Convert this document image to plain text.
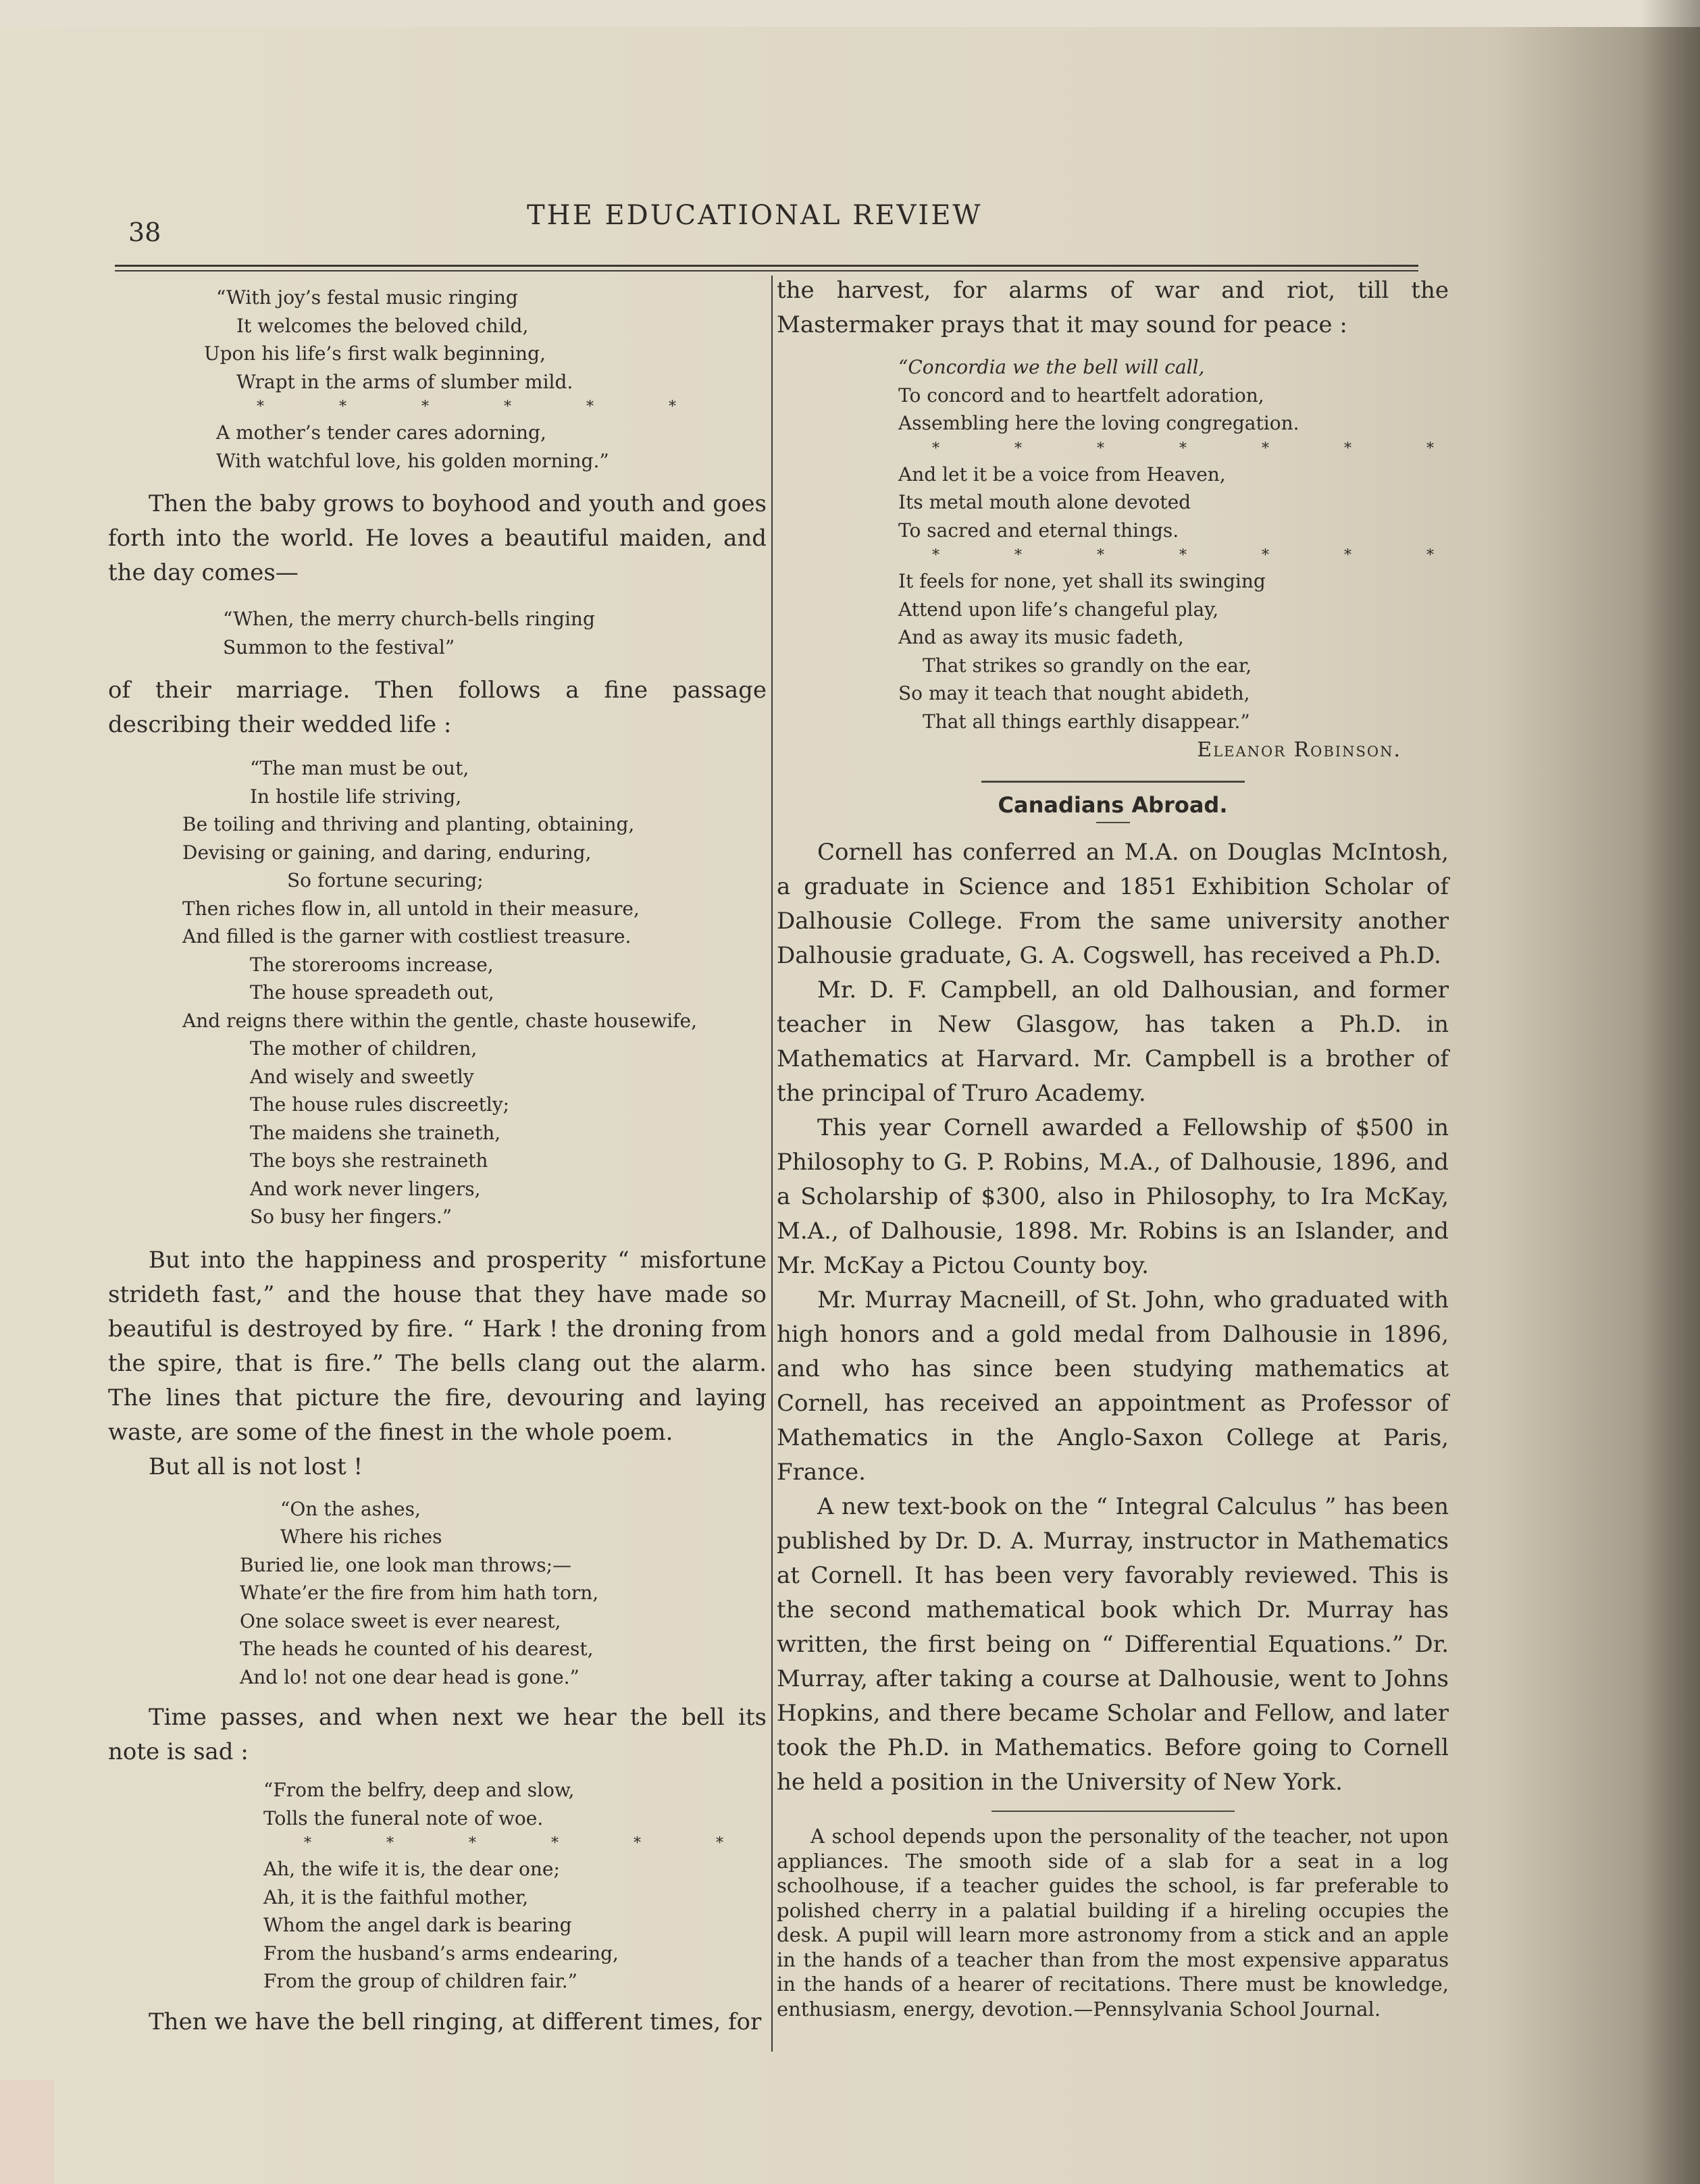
38
THE EDUCATIONAL REVIEW
“With joy’s festal music ringing
It welcomes the beloved child,
Upon his life’s first walk beginning,
Wrapt in the arms of slumber mild.
* * * * * *
A mother’s tender cares adorning,
With watchful love, his golden morning.”

Then the baby grows to boyhood and youth and goes forth into the world. He loves a beautiful maiden, and the day comes—

“When, the merry church-bells ringing
Summon to the festival”

of their marriage. Then follows a fine passage describing their wedded life :

“The man must be out,
In hostile life striving,
Be toiling and thriving and planting, obtaining,
Devising or gaining, and daring, enduring,
So fortune securing;
Then riches flow in, all untold in their measure,
And filled is the garner with costliest treasure.
The storerooms increase,
The house spreadeth out,
And reigns there within the gentle, chaste housewife,
The mother of children,
And wisely and sweetly
The house rules discreetly;
The maidens she traineth,
The boys she restraineth
And work never lingers,
So busy her fingers.”

But into the happiness and prosperity “ misfortune strideth fast,” and the house that they have made so beautiful is destroyed by fire. “ Hark ! the droning from the spire, that is fire.” The bells clang out the alarm. The lines that picture the fire, devouring and laying waste, are some of the finest in the whole poem.

But all is not lost !

“On the ashes,
Where his riches
Buried lie, one look man throws;—
Whate’er the fire from him hath torn,
One solace sweet is ever nearest,
The heads he counted of his dearest,
And lo! not one dear head is gone.”

Time passes, and when next we hear the bell its note is sad :

“From the belfry, deep and slow,
Tolls the funeral note of woe.
* * * * * *
Ah, the wife it is, the dear one;
Ah, it is the faithful mother,
Whom the angel dark is bearing
From the husband’s arms endearing,
From the group of children fair.”

Then we have the bell ringing, at different times, for

the harvest, for alarms of war and riot, till the Mastermaker prays that it may sound for peace :

“Concordia we the bell will call,
To concord and to heartfelt adoration,
Assembling here the loving congregation.
* * * * * * *
And let it be a voice from Heaven,
Its metal mouth alone devoted
To sacred and eternal things.
* * * * * * *
It feels for none, yet shall its swinging
Attend upon life’s changeful play,
And as away its music fadeth,
That strikes so grandly on the ear,
So may it teach that nought abideth,
That all things earthly disappear.”
Eleanor Robinson.
Canadians Abroad.

Cornell has conferred an M.A. on Douglas McIntosh, a graduate in Science and 1851 Exhibition Scholar of Dalhousie College. From the same university another Dalhousie graduate, G. A. Cogswell, has received a Ph.D.

Mr. D. F. Campbell, an old Dalhousian, and former teacher in New Glasgow, has taken a Ph.D. in Mathematics at Harvard. Mr. Campbell is a brother of the principal of Truro Academy.

This year Cornell awarded a Fellowship of $500 in Philosophy to G. P. Robins, M.A., of Dalhousie, 1896, and a Scholarship of $300, also in Philosophy, to Ira McKay, M.A., of Dalhousie, 1898. Mr. Robins is an Islander, and Mr. McKay a Pictou County boy.

Mr. Murray Macneill, of St. John, who graduated with high honors and a gold medal from Dalhousie in 1896, and who has since been studying mathematics at Cornell, has received an appointment as Professor of Mathematics in the Anglo-Saxon College at Paris, France.

A new text-book on the “ Integral Calculus ” has been published by Dr. D. A. Murray, instructor in Mathematics at Cornell. It has been very favorably reviewed. This is the second mathematical book which Dr. Murray has written, the first being on “ Differential Equations.” Dr. Murray, after taking a course at Dalhousie, went to Johns Hopkins, and there became Scholar and Fellow, and later took the Ph.D. in Mathematics. Before going to Cornell he held a position in the University of New York.

A school depends upon the personality of the teacher, not upon appliances. The smooth side of a slab for a seat in a log schoolhouse, if a teacher guides the school, is far preferable to polished cherry in a palatial building if a hireling occupies the desk. A pupil will learn more astronomy from a stick and an apple in the hands of a teacher than from the most expensive apparatus in the hands of a hearer of recitations. There must be knowledge, enthusiasm, energy, devotion.—Pennsylvania School Journal.
